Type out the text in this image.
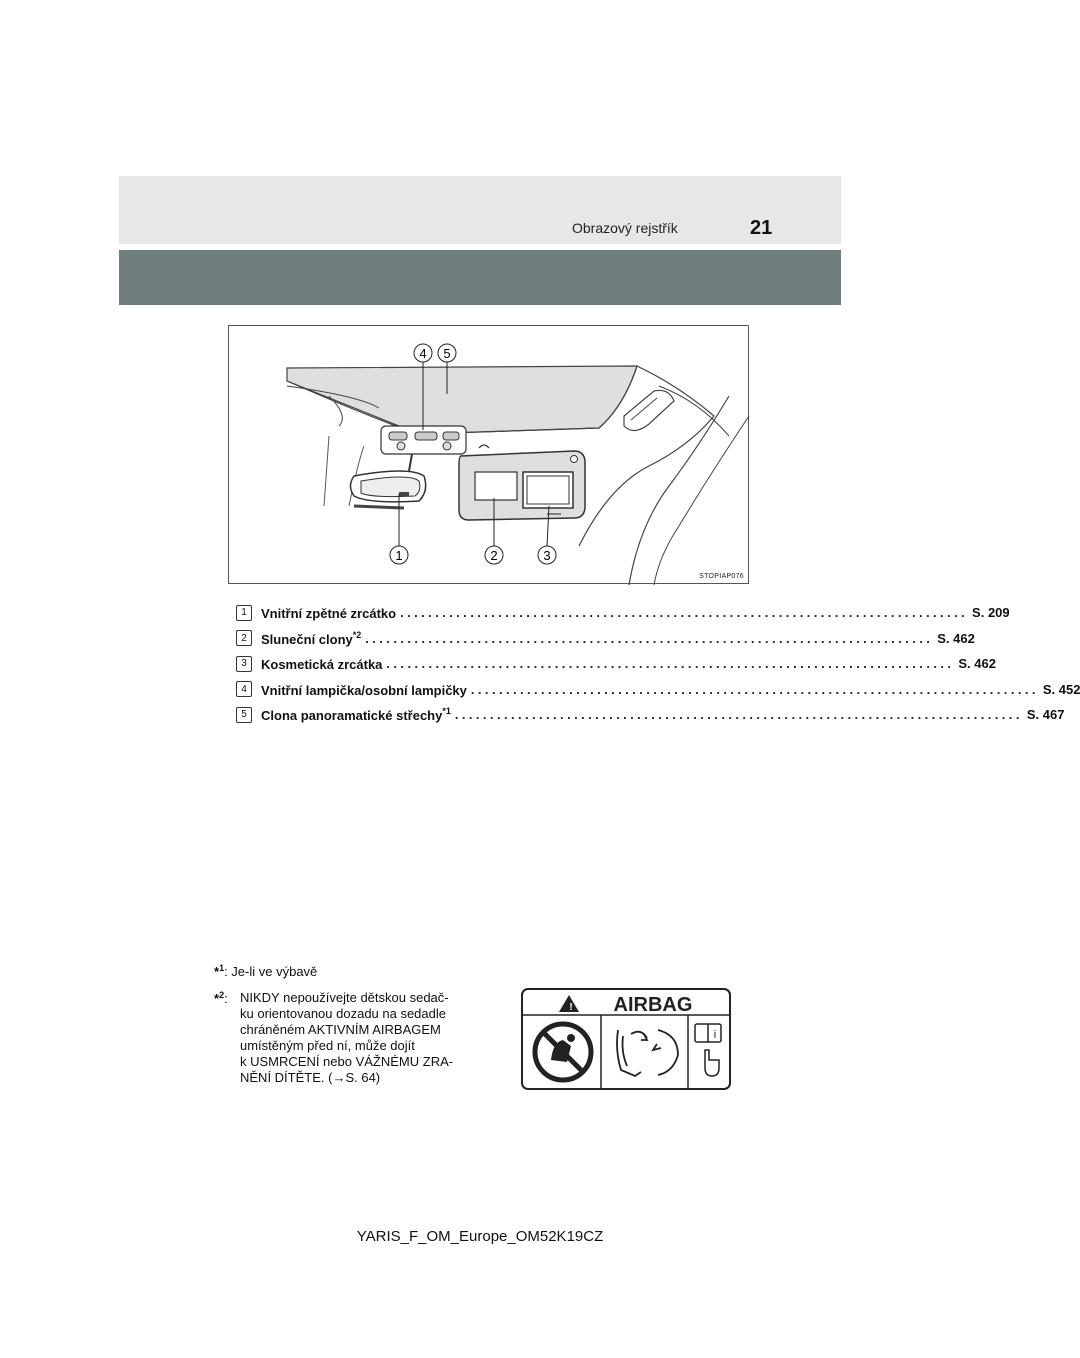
Obrazový rejstřík	21
4 5
1	2	3
STOPIAP076
1	Vnitřní zpětné zrcátko ................................................................................. S. 209
2	Sluneční clony$^{*2}$ ................................................................................. S. 462
3	Kosmetická zrcátka ................................................................................. S. 462
4	Vnitřní lampička/osobní lampičky ................................................................................. S. 452
5	Clona panoramatické střechy$^{*1}$ ................................................................................. S. 467
*$^1$: Je-li ve výbavě
*$^2$: NIKDY nepoužívejte dětskou sedač-
ku orientovanou dozadu na sedadle
chráněném AKTIVNÍM AIRBAGEM
umístěným před ní, může dojít
k USMRCENÍ nebo VÁŽNÉMU ZRA-
NĚNÍ DÍTĚTE. (→S. 64)
! AIRBAG
i
YARIS_F_OM_Europe_OM52K19CZ
